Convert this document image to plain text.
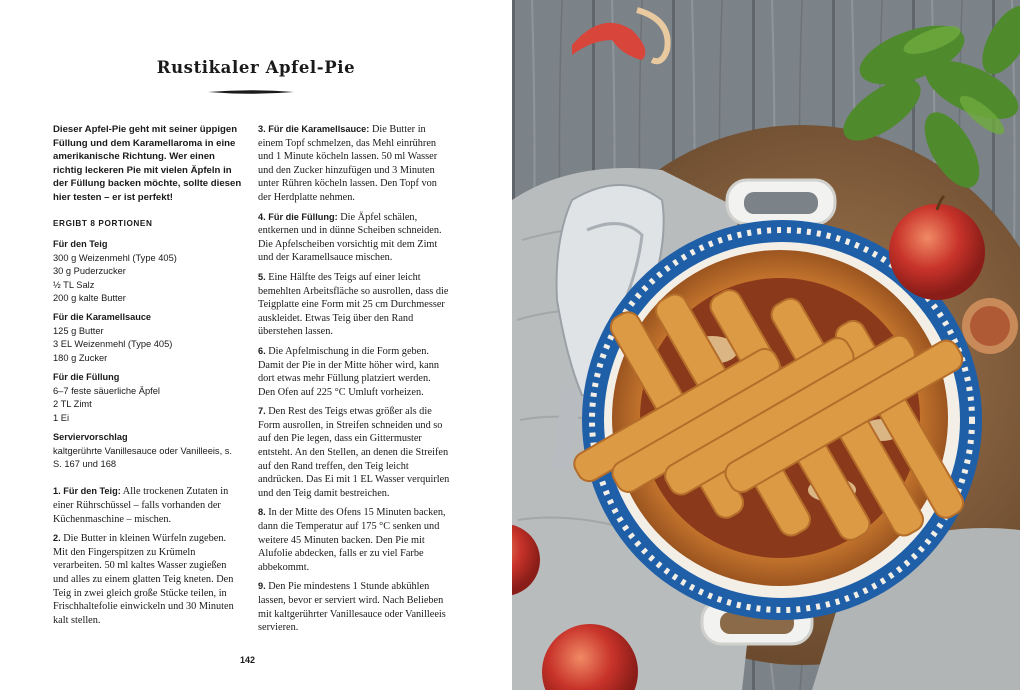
Rustikaler Apfel-Pie

Dieser Apfel-Pie geht mit seiner üppigen Füllung und dem Karamellaroma in eine amerikanische Richtung. Wer einen richtig leckeren Pie mit vielen Äpfeln in der Füllung backen möchte, sollte diesen hier testen – er ist perfekt!

ERGIBT 8 PORTIONEN
Für den Teig
300 g Weizenmehl (Type 405)
30 g Puderzucker
½ TL Salz
200 g kalte Butter
Für die Karamellsauce
125 g Butter
3 EL Weizenmehl (Type 405)
180 g Zucker
Für die Füllung
6–7 feste säuerliche Äpfel
2 TL Zimt
1 Ei
Serviervorschlag
kaltgerührte Vanillesauce oder Vanilleeis, s. S. 167 und 168
1. Für den Teig: Alle trockenen Zutaten in einer Rührschüssel – falls vorhanden der Küchenmaschine – mischen.
2. Die Butter in kleinen Würfeln zugeben. Mit den Fingerspitzen zu Krümeln verarbeiten. 50 ml kaltes Wasser zugießen und alles zu einem glatten Teig kneten. Den Teig in zwei gleich große Stücke teilen, in Frischhaltefolie einwickeln und 30 Minuten kalt stellen.
3. Für die Karamellsauce: Die Butter in einem Topf schmelzen, das Mehl einrühren und 1 Minute köcheln lassen. 50 ml Wasser und den Zucker hinzufügen und 3 Minuten unter Rühren köcheln lassen. Den Topf von der Herdplatte nehmen.
4. Für die Füllung: Die Äpfel schälen, entkernen und in dünne Scheiben schneiden. Die Apfelscheiben vorsichtig mit dem Zimt und der Karamellsauce mischen.
5. Eine Hälfte des Teigs auf einer leicht bemehlten Arbeitsfläche so ausrollen, dass die Teigplatte eine Form mit 25 cm Durchmesser auskleidet. Etwas Teig über den Rand überstehen lassen.
6. Die Apfelmischung in die Form geben. Damit der Pie in der Mitte höher wird, kann dort etwas mehr Füllung platziert werden. Den Ofen auf 225 °C Umluft vorheizen.
7. Den Rest des Teigs etwas größer als die Form ausrollen, in Streifen schneiden und so auf den Pie legen, dass ein Gittermuster entsteht. An den Stellen, an denen die Streifen auf den Rand treffen, den Teig leicht andrücken. Das Ei mit 1 EL Wasser verquirlen und den Teig damit bestreichen.
8. In der Mitte des Ofens 15 Minuten backen, dann die Temperatur auf 175 °C senken und weitere 45 Minuten backen. Den Pie mit Alufolie abdecken, falls er zu viel Farbe abbekommt.
9. Den Pie mindestens 1 Stunde abkühlen lassen, bevor er serviert wird. Nach Belieben mit kaltgerührter Vanillesauce oder Vanilleeis servieren.
142
